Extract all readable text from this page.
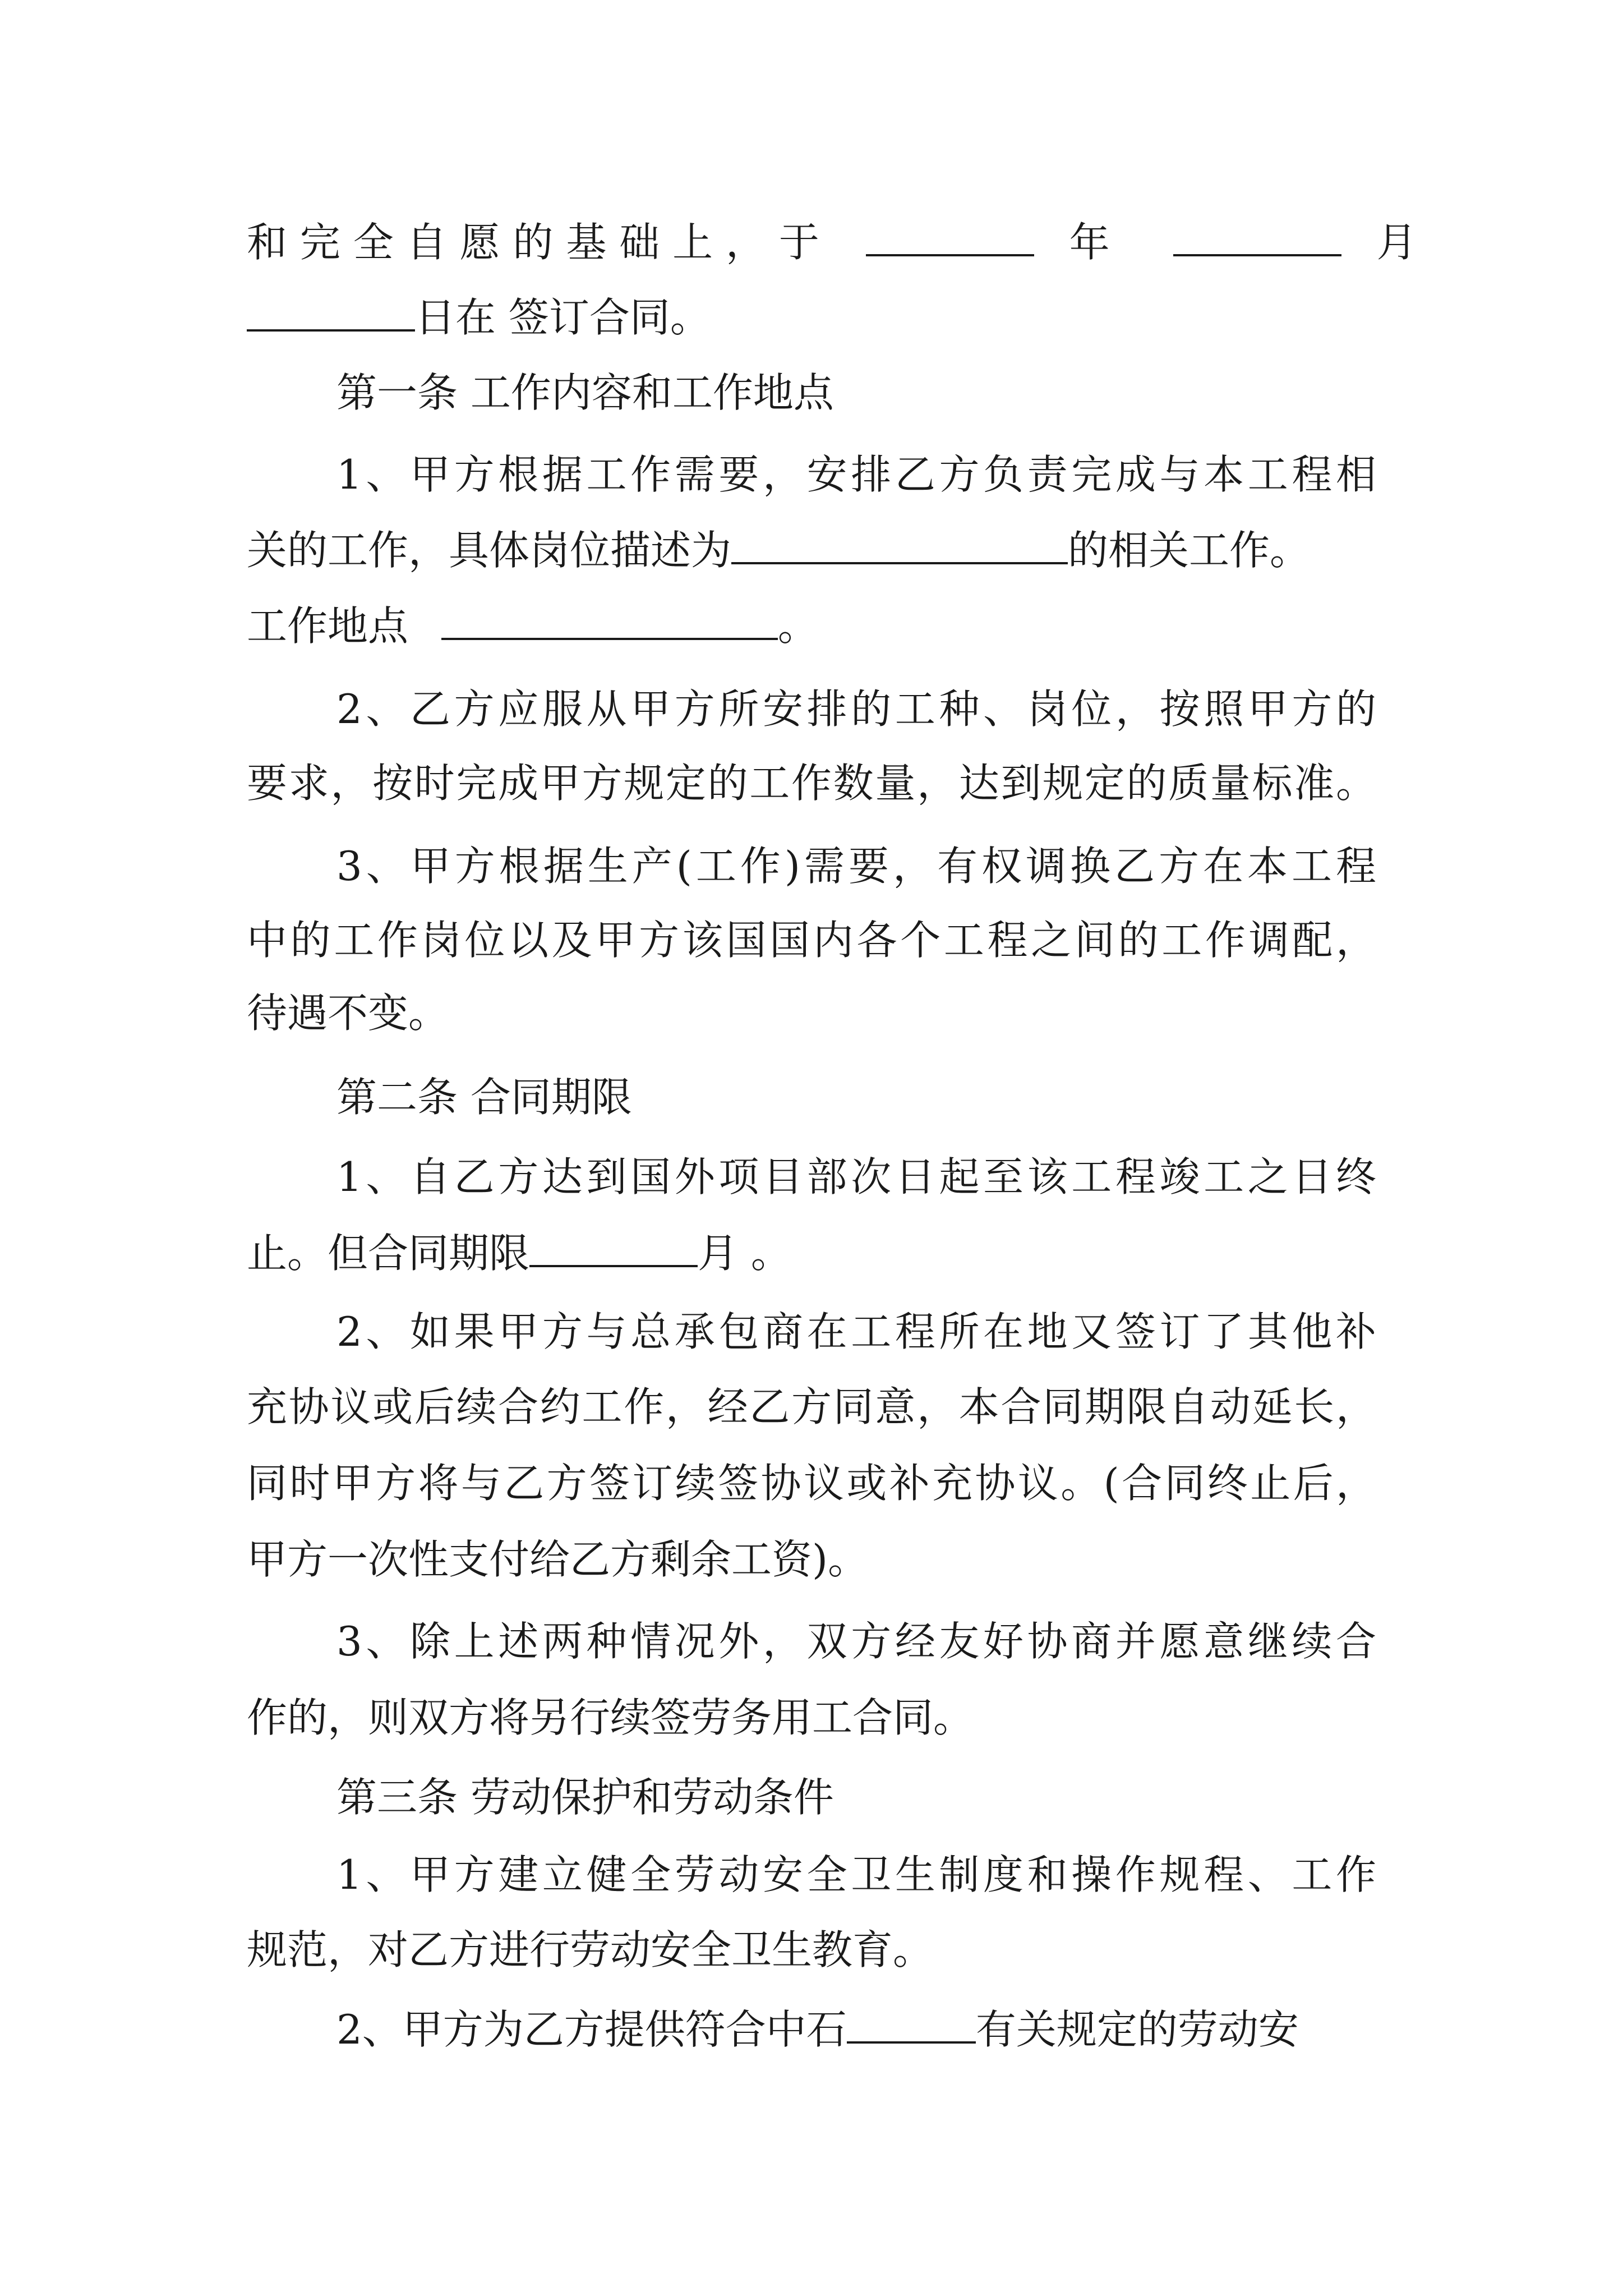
和 完 全 自 愿 的 基 础 上 ， 于	年	月
日在 签订合同。
第一条 工作内容和工作地点
1、甲方根据工作需要，安排乙方负责完成与本工程相
关的工作，具体岗位描述为	的相关工作。
工作地点	。
2、乙方应服从甲方所安排的工种、岗位，按照甲方的
要求，按时完成甲方规定的工作数量，达到规定的质量标准。
3、甲方根据生产(工作)需要，有权调换乙方在本工程
中的工作岗位以及甲方该国国内各个工程之间的工作调配，
待遇不变。
第二条 合同期限
1、自乙方达到国外项目部次日起至该工程竣工之日终
止。但合同期限	月 。
2、如果甲方与总承包商在工程所在地又签订了其他补
充协议或后续合约工作，经乙方同意，本合同期限自动延长，
同时甲方将与乙方签订续签协议或补充协议。(合同终止后，
甲方一次性支付给乙方剩余工资)。
3、除上述两种情况外，双方经友好协商并愿意继续合
作的，则双方将另行续签劳务用工合同。
第三条 劳动保护和劳动条件
1、甲方建立健全劳动安全卫生制度和操作规程、工作
规范，对乙方进行劳动安全卫生教育。
2、甲方为乙方提供符合中石	有关规定的劳动安
